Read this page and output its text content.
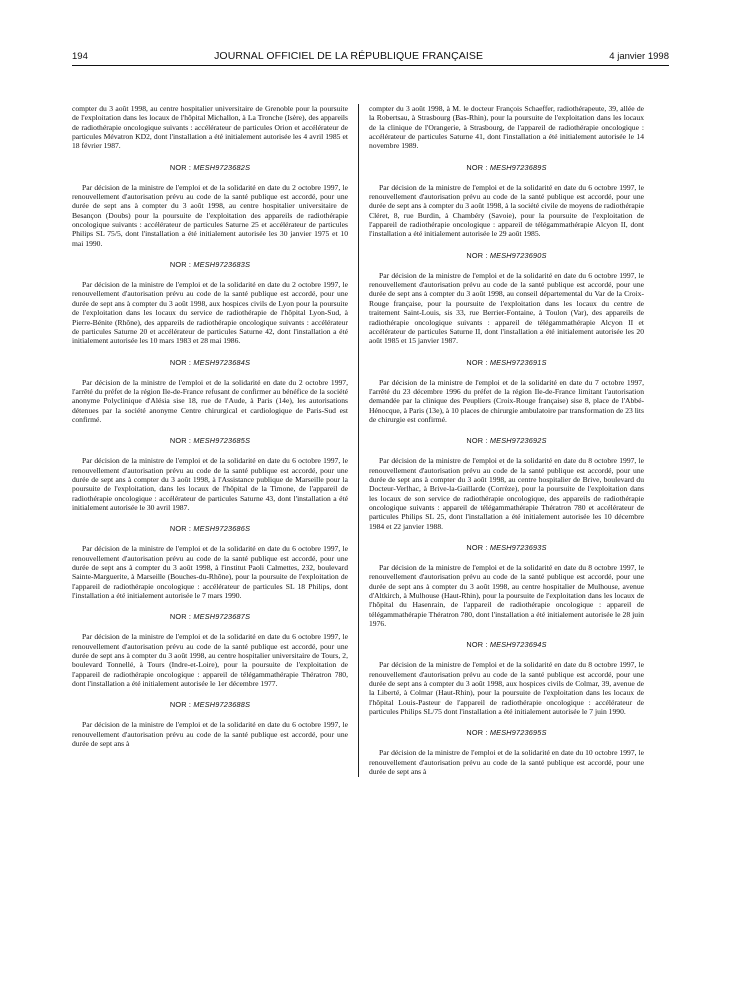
194	JOURNAL OFFICIEL DE LA RÉPUBLIQUE FRANÇAISE	4 janvier 1998

compter du 3 août 1998, au centre hospitalier universitaire de Grenoble pour la poursuite de l'exploitation dans les locaux de l'hôpital Michallon, à La Tronche (Isère), des appareils de radiothérapie oncologique suivants : accélérateur de particules Orion et accélérateur de particules Mévatron KD2, dont l'installation a été initialement autorisée les 4 avril 1985 et 18 février 1987.

NOR : MESH9723682S

Par décision de la ministre de l'emploi et de la solidarité en date du 2 octobre 1997, le renouvellement d'autorisation prévu au code de la santé publique est accordé, pour une durée de sept ans à compter du 3 août 1998, au centre hospitalier universitaire de Besançon (Doubs) pour la poursuite de l'exploitation des appareils de radiothérapie oncologique suivants : accélérateur de particules Saturne 25 et accélérateur de particules Philips SL 75/5, dont l'installation a été initialement autorisée les 30 janvier 1975 et 10 mai 1990.

NOR : MESH9723683S

Par décision de la ministre de l'emploi et de la solidarité en date du 2 octobre 1997, le renouvellement d'autorisation prévu au code de la santé publique est accordé, pour une durée de sept ans à compter du 3 août 1998, aux hospices civils de Lyon pour la poursuite de l'exploitation dans les locaux du service de radiothérapie de l'hôpital Lyon-Sud, à Pierre-Bénite (Rhône), des appareils de radiothérapie oncologique suivants : accélérateur de particules Saturne 20 et accélérateur de particules Saturne 42, dont l'installation a été initialement autorisée les 10 mars 1983 et 28 mai 1986.

NOR : MESH9723684S

Par décision de la ministre de l'emploi et de la solidarité en date du 2 octobre 1997, l'arrêté du préfet de la région Ile-de-France refusant de confirmer au bénéfice de la société anonyme Polyclinique d'Alésia sise 18, rue de l'Aude, à Paris (14e), les autorisations détenues par la société anonyme Centre chirurgical et cardiologique de Paris-Sud est confirmé.

NOR : MESH9723685S

Par décision de la ministre de l'emploi et de la solidarité en date du 6 octobre 1997, le renouvellement d'autorisation prévu au code de la santé publique est accordé, pour une durée de sept ans à compter du 3 août 1998, à l'Assistance publique de Marseille pour la poursuite de l'exploitation, dans les locaux de l'hôpital de la Timone, de l'appareil de radiothérapie oncologique : accélérateur de particules Saturne 43, dont l'installation a été initialement autorisée le 30 avril 1987.

NOR : MESH9723686S

Par décision de la ministre de l'emploi et de la solidarité en date du 6 octobre 1997, le renouvellement d'autorisation prévu au code de la santé publique est accordé, pour une durée de sept ans à compter du 3 août 1998, à l'institut Paoli Calmettes, 232, boulevard Sainte-Marguerite, à Marseille (Bouches-du-Rhône), pour la poursuite de l'exploitation de l'appareil de radiothérapie oncologique : accélérateur de particules SL 18 Philips, dont l'installation a été initialement autorisée le 7 mars 1990.

NOR : MESH9723687S

Par décision de la ministre de l'emploi et de la solidarité en date du 6 octobre 1997, le renouvellement d'autorisation prévu au code de la santé publique est accordé, pour une durée de sept ans à compter du 3 août 1998, au centre hospitalier universitaire de Tours, 2, boulevard Tonnellé, à Tours (Indre-et-Loire), pour la poursuite de l'exploitation de l'appareil de radiothérapie oncologique : appareil de télégammathérapie Thératron 780, dont l'installation a été initialement autorisée le 1er décembre 1977.

NOR : MESH9723688S

Par décision de la ministre de l'emploi et de la solidarité en date du 6 octobre 1997, le renouvellement d'autorisation prévu au code de la santé publique est accordé, pour une durée de sept ans à

compter du 3 août 1998, à M. le docteur François Schaeffer, radiothérapeute, 39, allée de la Robertsau, à Strasbourg (Bas-Rhin), pour la poursuite de l'exploitation dans les locaux de la clinique de l'Orangerie, à Strasbourg, de l'appareil de radiothérapie oncologique : accélérateur de particules Saturne 41, dont l'installation a été initialement autorisée le 14 novembre 1989.

NOR : MESH9723689S

Par décision de la ministre de l'emploi et de la solidarité en date du 6 octobre 1997, le renouvellement d'autorisation prévu au code de la santé publique est accordé, pour une durée de sept ans à compter du 3 août 1998, à la société civile de moyens de radiothérapie Cléret, 8, rue Burdin, à Chambéry (Savoie), pour la poursuite de l'exploitation de l'appareil de radiothérapie oncologique : appareil de télégammathérapie Alcyon II, dont l'installation a été initialement autorisée le 29 août 1985.

NOR : MESH9723690S

Par décision de la ministre de l'emploi et de la solidarité en date du 6 octobre 1997, le renouvellement d'autorisation prévu au code de la santé publique est accordé, pour une durée de sept ans à compter du 3 août 1998, au conseil départemental du Var de la Croix-Rouge française, pour la poursuite de l'exploitation dans les locaux du centre de traitement Saint-Louis, sis 33, rue Berrier-Fontaine, à Toulon (Var), des appareils de radiothérapie oncologique suivants : appareil de télégammathérapie Alcyon II et accélérateur de particules Saturne II, dont l'installation a été initialement autorisée les 20 août 1985 et 15 janvier 1987.

NOR : MESH9723691S

Par décision de la ministre de l'emploi et de la solidarité en date du 7 octobre 1997, l'arrêté du 23 décembre 1996 du préfet de la région Ile-de-France limitant l'autorisation demandée par la clinique des Peupliers (Croix-Rouge française) sise 8, place de l'Abbé-Hénocque, à Paris (13e), à 10 places de chirurgie ambulatoire par transformation de 23 lits de chirurgie est confirmé.

NOR : MESH9723692S

Par décision de la ministre de l'emploi et de la solidarité en date du 8 octobre 1997, le renouvellement d'autorisation prévu au code de la santé publique est accordé, pour une durée de sept ans à compter du 3 août 1998, au centre hospitalier de Brive, boulevard du Docteur-Verlhac, à Brive-la-Gaillarde (Corrèze), pour la poursuite de l'exploitation dans les locaux de son service de radiothérapie oncologique, des appareils de radiothérapie oncologique suivants : appareil de télégammathérapie Thératron 780 et accélérateur de particules Philips SL 25, dont l'installation a été initialement autorisée les 10 décembre 1984 et 22 janvier 1988.

NOR : MESH9723693S

Par décision de la ministre de l'emploi et de la solidarité en date du 8 octobre 1997, le renouvellement d'autorisation prévu au code de la santé publique est accordé, pour une durée de sept ans à compter du 3 août 1998, au centre hospitalier de Mulhouse, avenue d'Altkirch, à Mulhouse (Haut-Rhin), pour la poursuite de l'exploitation dans les locaux de l'hôpital du Hasenrain, de l'appareil de radiothérapie oncologique : appareil de télégammathérapie Thératron 780, dont l'installation a été initialement autorisée le 28 juin 1976.

NOR : MESH9723694S

Par décision de la ministre de l'emploi et de la solidarité en date du 8 octobre 1997, le renouvellement d'autorisation prévu au code de la santé publique est accordé, pour une durée de sept ans à compter du 3 août 1998, aux hospices civils de Colmar, 39, avenue de la Liberté, à Colmar (Haut-Rhin), pour la poursuite de l'exploitation dans les locaux de l'hôpital Louis-Pasteur de l'appareil de radiothérapie oncologique : accélérateur de particules Philips SL/75 dont l'installation a été initialement autorisée le 7 juin 1990.

NOR : MESH9723695S

Par décision de la ministre de l'emploi et de la solidarité en date du 10 octobre 1997, le renouvellement d'autorisation prévu au code de la santé publique est accordé, pour une durée de sept ans à
